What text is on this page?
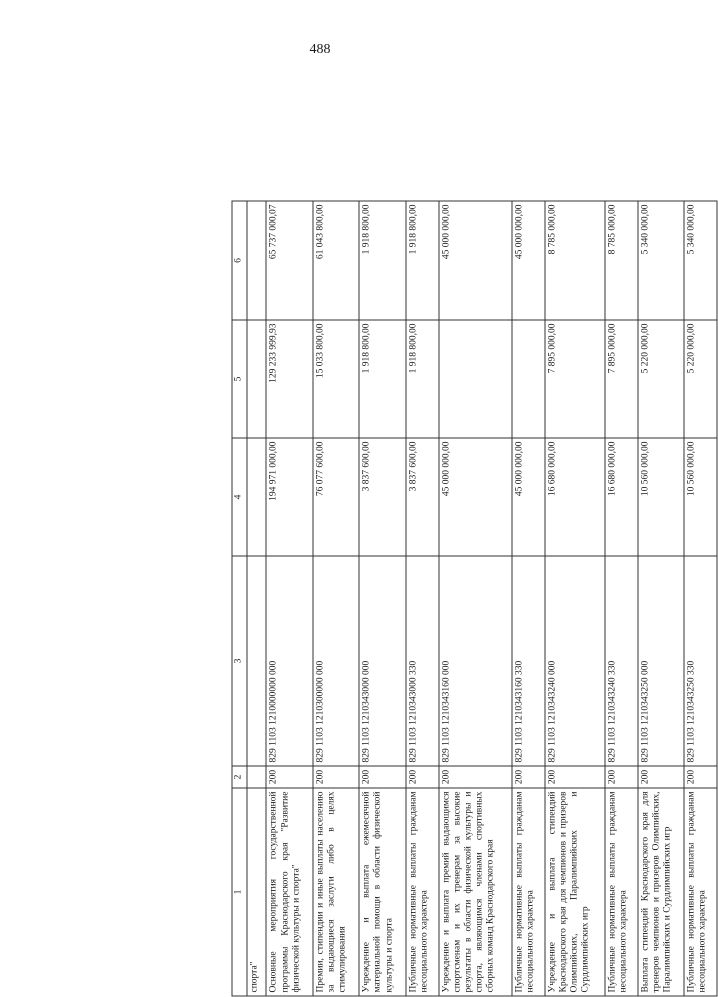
488
1	2	3	4	5	6
спорта"					
Основные мероприятия государственной программы Краснодарского края "Развитие физической культуры и спорта"	200	829 1103 1210000000 000	194 971 000,00	129 233 999,93	65 737 000,07
Премии, стипендии и иные выплаты населению за выдающиеся заслуги либо в целях стимулирования	200	829 1103 1210300000 000	76 077 600,00	15 033 800,00	61 043 800,00
Учреждение и выплата ежемесячной материальной помощи в области физической культуры и спорта	200	829 1103 1210343000 000	3 837 600,00	1 918 800,00	1 918 800,00
Публичные нормативные выплаты гражданам несоциального характера	200	829 1103 1210343000 330	3 837 600,00	1 918 800,00	1 918 800,00
Учреждение и выплата премий выдающимся спортсменам и их тренерам за высокие результаты в области физической культуры и спорта, являющимся членами спортивных сборных команд Краснодарского края	200	829 1103 1210343160 000	45 000 000,00		45 000 000,00
Публичные нормативные выплаты гражданам несоциального характера	200	829 1103 1210343160 330	45 000 000,00		45 000 000,00
Учреждение и выплата стипендий Краснодарского края для чемпионов и призеров Олимпийских, Паралимпийских и Сурдлимпийских игр	200	829 1103 1210343240 000	16 680 000,00	7 895 000,00	8 785 000,00
Публичные нормативные выплаты гражданам несоциального характера	200	829 1103 1210343240 330	16 680 000,00	7 895 000,00	8 785 000,00
Выплата стипендий Краснодарского края для тренеров чемпионов и призеров Олимпийских, Паралимпийских и Сурдлимпийских игр	200	829 1103 1210343250 000	10 560 000,00	5 220 000,00	5 340 000,00
Публичные нормативные выплаты гражданам несоциального характера	200	829 1103 1210343250 330	10 560 000,00	5 220 000,00	5 340 000,00
